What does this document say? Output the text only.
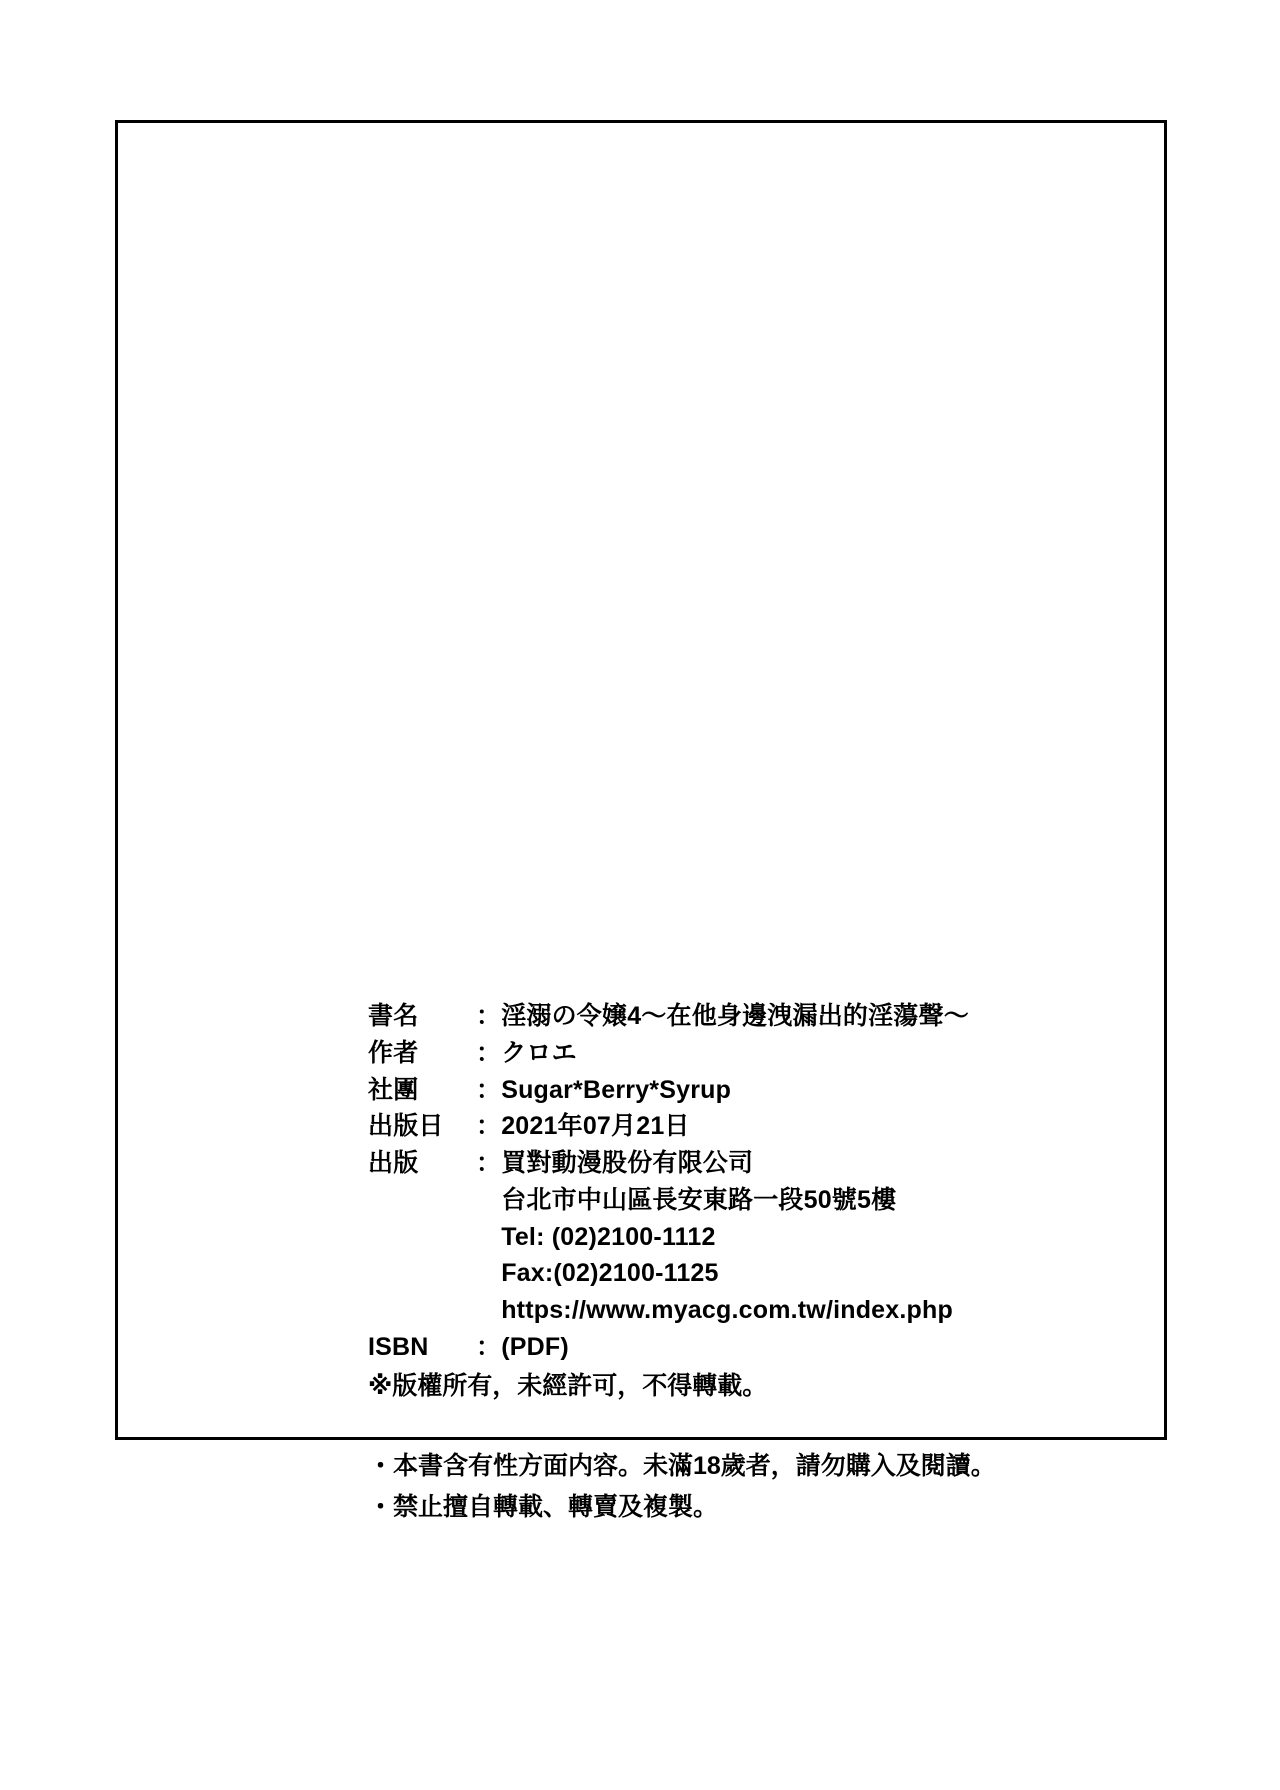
書名	：	淫溺の令嬢4～在他身邊洩漏出的淫蕩聲～
作者	：	クロエ
社團	：	Sugar*Berry*Syrup
出版日	：	2021年07月21日
出版	：	買對動漫股份有限公司
台北市中山區長安東路一段50號5樓
Tel: (02)2100-1112
Fax:(02)2100-1125
https://www.myacg.com.tw/index.php

ISBN	：	(PDF)
※版權所有，未經許可，不得轉載。
・本書含有性方面内容。未滿18歲者，請勿購入及閱讀。
・禁止擅自轉載、轉賣及複製。
